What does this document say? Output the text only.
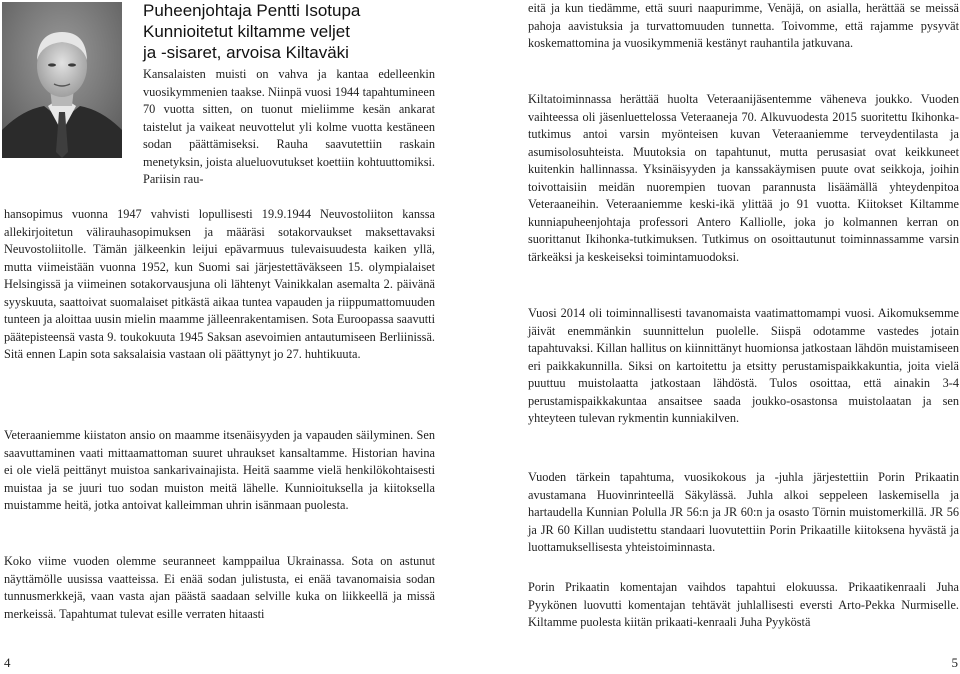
Puheenjohtaja Pentti Isotupa
Kunnioitetut kiltamme veljet
ja -sisaret, arvoisa Kiltaväki

Kansalaisten muisti on vahva ja kantaa edelleenkin vuosikymmenien taakse. Niinpä vuosi 1944 tapahtumineen 70 vuotta sitten, on tuonut mieliimme kesän ankarat taistelut ja vaikeat neuvottelut yli kolme vuotta kestäneen sodan päättämiseksi. Rauha saavutettiin raskain menetyksin, joista alueluovutukset koettiin kohtuuttomiksi. Pariisin rau-

hansopimus vuonna 1947 vahvisti lopullisesti 19.9.1944 Neuvostoliiton kanssa allekirjoitetun välirauhasopimuksen ja määräsi sotakorvaukset maksettavaksi Neuvostoliitolle. Tämän jälkeenkin leijui epävarmuus tulevaisuudesta kaiken yllä, mutta viimeistään vuonna 1952, kun Suomi sai järjestettäväkseen 15. olympialaiset Helsingissä ja viimeinen sotakorvausjuna oli lähtenyt Vainikkalan asemalta 2. päivänä syyskuuta, saattoivat suomalaiset pitkästä aikaa tuntea vapauden ja riippumattomuuden tunteen ja aloittaa uusin mielin maamme jälleenrakentamisen. Sota Euroopassa saavutti päätepisteensä vasta 9. toukokuuta 1945 Saksan asevoimien antautumiseen Berliinissä. Sitä ennen Lapin sota saksalaisia vastaan oli päättynyt jo 27. huhtikuuta.

Veteraaniemme kiistaton ansio on maamme itsenäisyyden ja vapauden säilyminen. Sen saavuttaminen vaati mittaamattoman suuret uhraukset kansaltamme. Historian havina ei ole vielä peittänyt muistoa sankarivainajista. Heitä saamme vielä henkilökohtaisesti muistaa ja se juuri tuo sodan muiston meitä lähelle. Kunnioituksella ja kiitoksella muistamme heitä, jotka antoivat kalleimman uhrin isänmaan puolesta.

Koko viime vuoden olemme seuranneet kamppailua Ukrainassa. Sota on astunut näyttämölle uusissa vaatteissa. Ei enää sodan julistusta, ei enää tavanomaisia sodan tunnusmerkkejä, vaan vasta ajan päästä saadaan selville kuka on liikkeellä ja missä merkeissä. Tapahtumat tulevat esille verraten hitaasti

4

eitä ja kun tiedämme, että suuri naapurimme, Venäjä, on asialla, herättää se meissä pahoja aavistuksia ja turvattomuuden tunnetta. Toivomme, että rajamme pysyvät koskemattomina ja vuosikymmeniä kestänyt rauhantila jatkuvana.

Kiltatoiminnassa herättää huolta Veteraanijäsentemme väheneva joukko. Vuoden vaihteessa oli jäsenluettelossa Veteraaneja 70. Alkuvuodesta 2015 suoritettu Ikihonka-tutkimus antoi varsin myönteisen kuvan Veteraaniemme terveydentilasta ja asumisolosuhteista. Muutoksia on tapahtunut, mutta perusasiat ovat keikkuneet kuitenkin hallinnassa. Yksinäisyyden ja kanssakäymisen puute ovat seikkoja, joihin toivottaisiin meidän nuorempien tuovan parannusta lisäämällä yhteydenpitoa Veteraaneihin. Veteraaniemme keski-ikä ylittää jo 91 vuotta. Kiitokset Kiltamme kunniapuheenjohtaja professori Antero Kalliolle, joka jo kolmannen kerran on suorittanut Ikihonka-tutkimuksen. Tutkimus on osoittautunut toiminnassamme varsin tärkeäksi ja keskeiseksi toimintamuodoksi.

Vuosi 2014 oli toiminnallisesti tavanomaista vaatimattomampi vuosi. Aikomuksemme jäivät enemmänkin suunnittelun puolelle. Siispä odotamme vastedes jotain tapahtuvaksi. Killan hallitus on kiinnittänyt huomionsa jatkostaan lähdön muistamiseen eri paikkakunnilla. Siksi on kartoitettu ja etsitty perustamispaikkakuntia, joita vielä puuttuu muistolaatta jatkostaan lähdöstä. Tulos osoittaa, että ainakin 3-4 perustamispaikkakuntaa ansaitsee saada joukko-osastonsa muistolaatan ja sen yhteyteen tulevan rykmentin kunniakilven.

Vuoden tärkein tapahtuma, vuosikokous ja -juhla järjestettiin Porin Prikaatin avustamana Huovinrinteellä Säkylässä. Juhla alkoi seppeleen laskemisella ja hartaudella Kunnian Polulla JR 56:n ja JR 60:n ja osasto Törnin muistomerkillä. JR 56 ja JR 60 Killan uudistettu standaari luovutettiin Porin Prikaatille kiitoksena hyvästä ja luottamuksellisesta yhteistoiminnasta.

Porin Prikaatin komentajan vaihdos tapahtui elokuussa. Prikaatikenraali Juha Pyykönen luovutti komentajan tehtävät juhlallisesti eversti Arto-Pekka Nurmiselle. Kiltamme puolesta kiitän prikaati-kenraali Juha Pyyköstä

5
